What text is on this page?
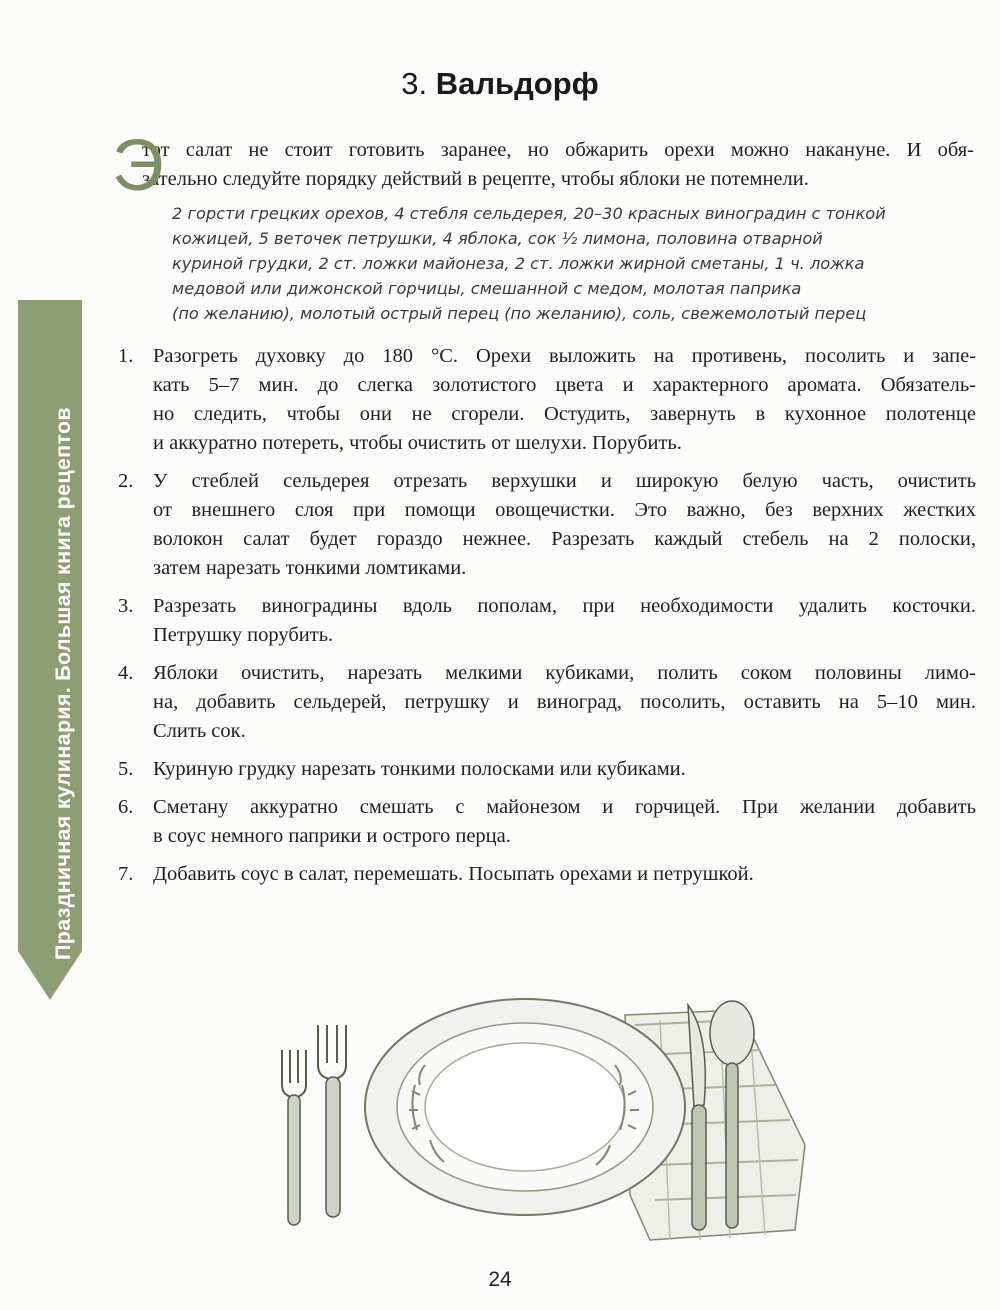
Праздничная кулинария. Большая книга рецептов
3. Вальдорф
Э
тот салат не стоит готовить заранее, но обжарить орехи можно накануне. И обя-
зательно следуйте порядку действий в рецепте, чтобы яблоки не потемнели.
2 горсти грецких орехов, 4 стебля сельдерея, 20–30 красных виноградин с тонкой
кожицей, 5 веточек петрушки, 4 яблока, сок ½ лимона, половина отварной
куриной грудки, 2 ст. ложки майонеза, 2 ст. ложки жирной сметаны, 1 ч. ложка
медовой или дижонской горчицы, смешанной с медом, молотая паприка
(по желанию), молотый острый перец (по желанию), соль, свежемолотый перец
1. Разогреть духовку до 180 °C. Орехи выложить на противень, посолить и запе-
кать 5–7 мин. до слегка золотистого цвета и характерного аромата. Обязатель-
но следить, чтобы они не сгорели. Остудить, завернуть в кухонное полотенце
и аккуратно потереть, чтобы очистить от шелухи. Порубить.
2. У стеблей сельдерея отрезать верхушки и широкую белую часть, очистить
от внешнего слоя при помощи овощечистки. Это важно, без верхних жестких
волокон салат будет гораздо нежнее. Разрезать каждый стебель на 2 полоски,
затем нарезать тонкими ломтиками.
3. Разрезать виноградины вдоль пополам, при необходимости удалить косточки.
Петрушку порубить.
4. Яблоки очистить, нарезать мелкими кубиками, полить соком половины лимо-
на, добавить сельдерей, петрушку и виноград, посолить, оставить на 5–10 мин.
Слить сок.
5. Куриную грудку нарезать тонкими полосками или кубиками.
6. Сметану аккуратно смешать с майонезом и горчицей. При желании добавить
в соус немного паприки и острого перца.
7. Добавить соус в салат, перемешать. Посыпать орехами и петрушкой.
24
